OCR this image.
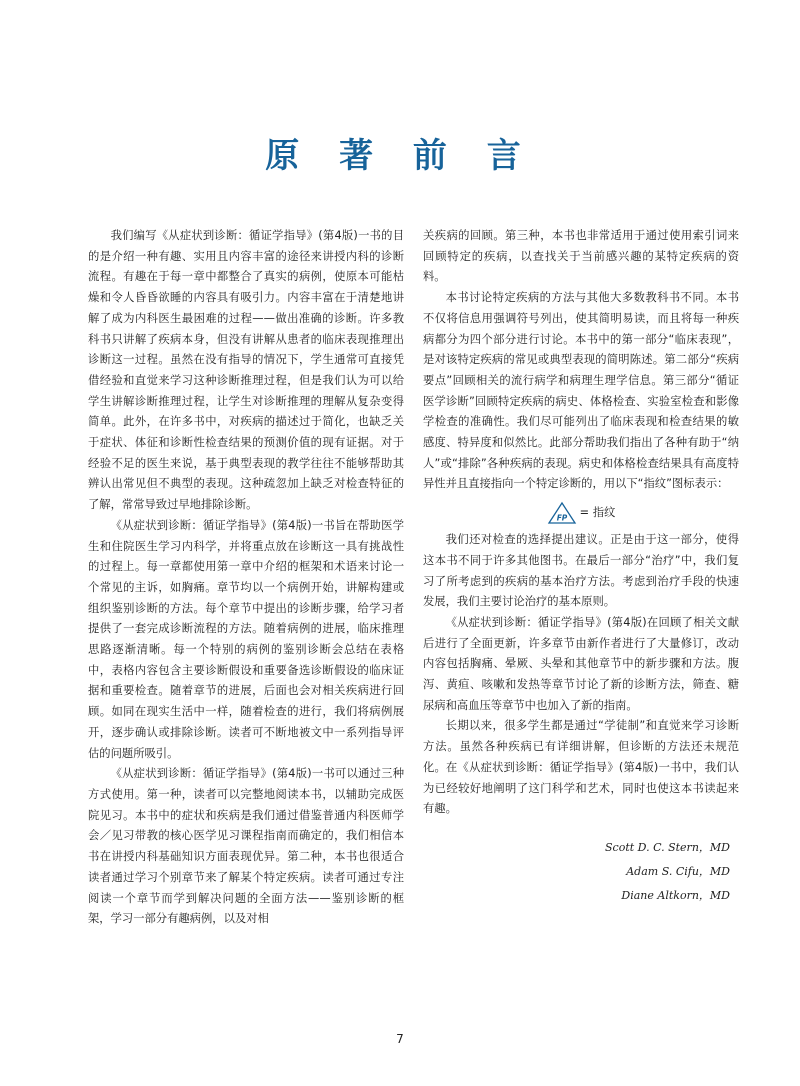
原 著 前 言

我们编写《从症状到诊断：循证学指导》(第4版)一书的目的是介绍一种有趣、实用且内容丰富的途径来讲授内科的诊断流程。有趣在于每一章中都整合了真实的病例，使原本可能枯燥和令人昏昏欲睡的内容具有吸引力。内容丰富在于清楚地讲解了成为内科医生最困难的过程——做出准确的诊断。许多教科书只讲解了疾病本身，但没有讲解从患者的临床表现推理出诊断这一过程。虽然在没有指导的情况下，学生通常可直接凭借经验和直觉来学习这种诊断推理过程，但是我们认为可以给学生讲解诊断推理过程，让学生对诊断推理的理解从复杂变得简单。此外，在许多书中，对疾病的描述过于简化，也缺乏关于症状、体征和诊断性检查结果的预测价值的现有证据。对于经验不足的医生来说，基于典型表现的教学往往不能够帮助其辨认出常见但不典型的表现。这种疏忽加上缺乏对检查特征的了解，常常导致过早地排除诊断。

《从症状到诊断：循证学指导》(第4版)一书旨在帮助医学生和住院医生学习内科学，并将重点放在诊断这一具有挑战性的过程上。每一章都使用第一章中介绍的框架和术语来讨论一个常见的主诉，如胸痛。章节均以一个病例开始，讲解构建或组织鉴别诊断的方法。每个章节中提出的诊断步骤，给学习者提供了一套完成诊断流程的方法。随着病例的进展，临床推理思路逐渐清晰。每一个特别的病例的鉴别诊断会总结在表格中，表格内容包含主要诊断假设和重要备选诊断假设的临床证据和重要检查。随着章节的进展，后面也会对相关疾病进行回顾。如同在现实生活中一样，随着检查的进行，我们将病例展开，逐步确认或排除诊断。读者可不断地被文中一系列指导评估的问题所吸引。

《从症状到诊断：循证学指导》(第4版)一书可以通过三种方式使用。第一种，读者可以完整地阅读本书，以辅助完成医院见习。本书中的症状和疾病是我们通过借鉴普通内科医师学会／见习带教的核心医学见习课程指南而确定的，我们相信本书在讲授内科基础知识方面表现优异。第二种，本书也很适合读者通过学习个别章节来了解某个特定疾病。读者可通过专注阅读一个章节而学到解决问题的全面方法——鉴别诊断的框架，学习一部分有趣病例，以及对相

关疾病的回顾。第三种，本书也非常适用于通过使用索引词来回顾特定的疾病，以查找关于当前感兴趣的某特定疾病的资料。

本书讨论特定疾病的方法与其他大多数教科书不同。本书不仅将信息用强调符号列出，使其简明易读，而且将每一种疾病都分为四个部分进行讨论。本书中的第一部分“临床表现”，是对该特定疾病的常见或典型表现的简明陈述。第二部分“疾病要点”回顾相关的流行病学和病理生理学信息。第三部分“循证医学诊断”回顾特定疾病的病史、体格检查、实验室检查和影像学检查的准确性。我们尽可能列出了临床表现和检查结果的敏感度、特异度和似然比。此部分帮助我们指出了各种有助于“纳人”或“排除”各种疾病的表现。病史和体格检查结果具有高度特异性并且直接指向一个特定诊断的，用以下“指纹”图标表示：

FP = 指纹

我们还对检查的选择提出建议。正是由于这一部分，使得这本书不同于许多其他图书。在最后一部分“治疗”中，我们复习了所考虑到的疾病的基本治疗方法。考虑到治疗手段的快速发展，我们主要讨论治疗的基本原则。

《从症状到诊断：循证学指导》(第4版)在回顾了相关文献后进行了全面更新，许多章节由新作者进行了大量修订，改动内容包括胸痛、晕厥、头晕和其他章节中的新步骤和方法。腹泻、黄疸、咳嗽和发热等章节讨论了新的诊断方法，筛查、糖尿病和高血压等章节中也加入了新的指南。

长期以来，很多学生都是通过“学徒制”和直觉来学习诊断方法。虽然各种疾病已有详细讲解，但诊断的方法还未规范化。在《从症状到诊断：循证学指导》(第4版)一书中，我们认为已经较好地阐明了这门科学和艺术，同时也使这本书读起来有趣。

Scott D. C. Stern，MD
Adam S. Cifu，MD
Diane Altkorn，MD
7
